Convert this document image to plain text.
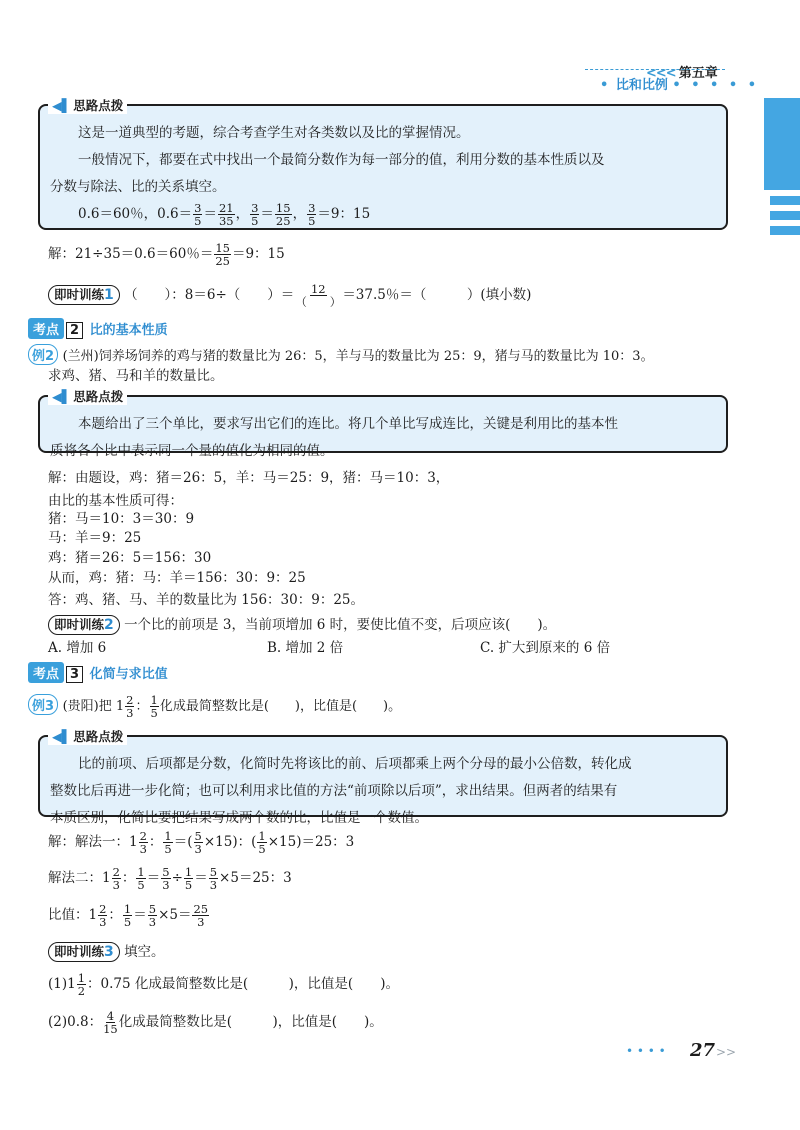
<<< 第五章
• 比和比例 • • • • •
这是一道典型的考题，综合考查学生对各类数以及比的掌握情况。
一般情况下，都要在式中找出一个最简分数作为每一部分的值，利用分数的基本性质以及
分数与除法、比的关系填空。
0.6＝60％，$0.6= \frac{3}{5} = \frac{21}{35}$ ， $\frac{3}{5} = \frac{15}{25}$ ， $\frac{3}{5} =9$：15
◀▌ 思路点拨
解：21÷35＝0.6＝60％＝ $\frac{15}{25} =9$：15
即时训练1 （　　）：8＝6÷（　　）＝ $\frac{12}{( )} =37.5$％＝（　　　）(填小数)
考点 2 比的基本性质
例2 (兰州)饲养场饲养的鸡与猪的数量比为 26：5，羊与马的数量比为 25：9，猪与马的数量比为 10：3。
求鸡、猪、马和羊的数量比。
本题给出了三个单比，要求写出它们的连比。将几个单比写成连比，关键是利用比的基本性
质将各个比中表示同一个量的值化为相同的值。
◀▌ 思路点拨
解：由题设，鸡：猪＝26：5，羊：马＝25：9，猪：马＝10：3，
由比的基本性质可得：
猪：马＝10：3＝30：9
马：羊＝9：25
鸡：猪＝26：5＝156：30
从而，鸡：猪：马：羊＝156：30：9：25
答：鸡、猪、马、羊的数量比为 156：30：9：25。
即时训练2 一个比的前项是 3，当前项增加 6 时，要使比值不变，后项应该(　　)。
A. 增加 6	B. 增加 2 倍	C. 扩大到原来的 6 倍
考点 3 化简与求比值
例3 (贵阳)把 $1 \frac{2}{3}$ ： $\frac{1}{5}$ 化成最简整数比是(　　)，比值是(　　)。
比的前项、后项都是分数，化简时先将该比的前、后项都乘上两个分母的最小公倍数，转化成
整数比后再进一步化简；也可以利用求比值的方法“前项除以后项”，求出结果。但两者的结果有
本质区别，化简比要把结果写成两个数的比，比值是一个数值。
◀▌ 思路点拨
解：解法一：$1 \frac{2}{3}$ ： $\frac{1}{5}$ ＝( $\frac{5}{3} \times 15$)：( $\frac{1}{5} \times 15)=25$：3
解法二：$1 \frac{2}{3}$ ： $\frac{1}{5} = \frac{5}{3} \div \frac{1}{5} = \frac{5}{3} \times 5=25$：3
比值：$1 \frac{2}{3}$ ： $\frac{1}{5} = \frac{5}{3} \times 5= \frac{25}{3}$
即时训练3 填空。
$(1)1 \frac{1}{2}$ ：0.75 化成最简整数比是(　　　)，比值是(　　)。
(2)0.8： $\frac{4}{15}$ 化成最简整数比是(　　　)，比值是(　　)。
• • • • 27 >>
